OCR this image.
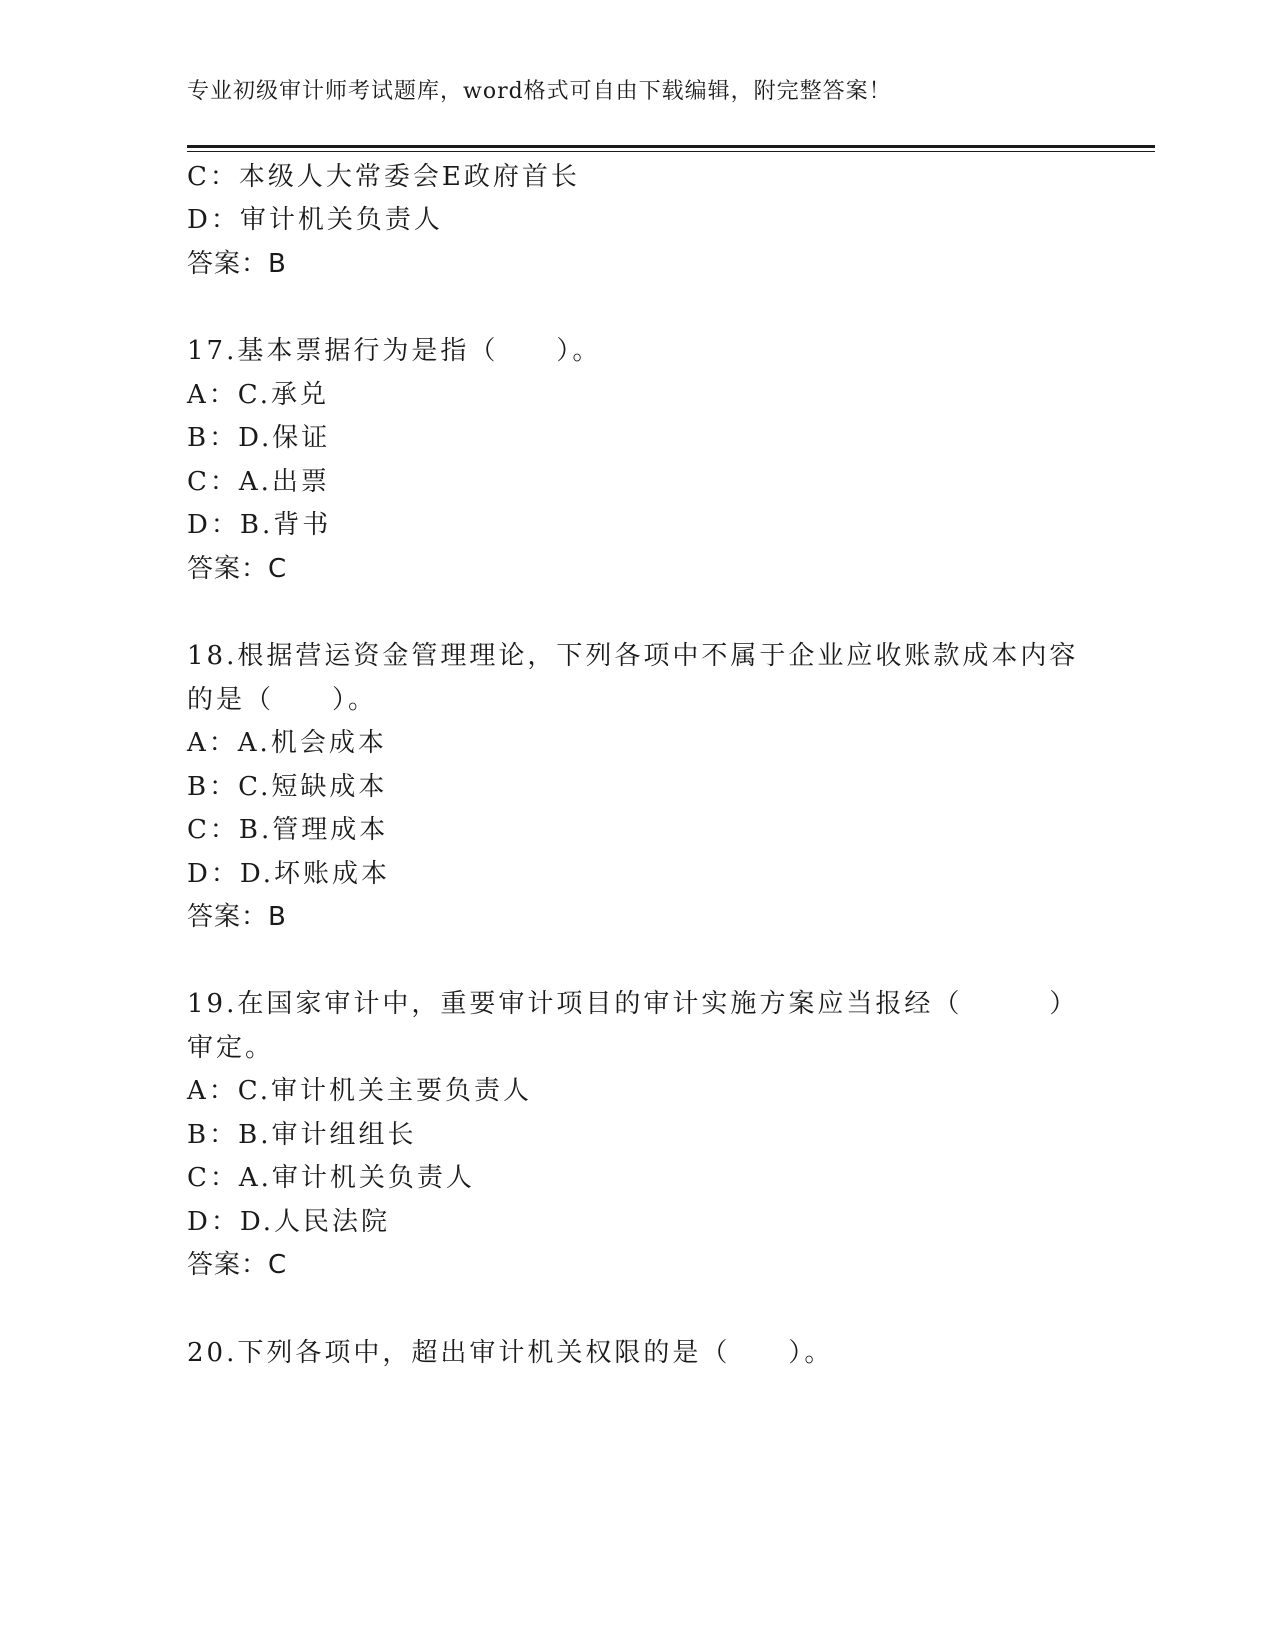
专业初级审计师考试题库，word格式可自由下载编辑，附完整答案！
C：本级人大常委会E政府首长
D：审计机关负责人
答案：B
17.基本票据行为是指（　　）。
A：C.承兑
B：D.保证
C：A.出票
D：B.背书
答案：C
18.根据营运资金管理理论，下列各项中不属于企业应收账款成本内容
的是（　　）。
A：A.机会成本
B：C.短缺成本
C：B.管理成本
D：D.坏账成本
答案：B
19.在国家审计中，重要审计项目的审计实施方案应当报经（　　　）
审定。
A：C.审计机关主要负责人
B：B.审计组组长
C：A.审计机关负责人
D：D.人民法院
答案：C
20.下列各项中，超出审计机关权限的是（　　）。
